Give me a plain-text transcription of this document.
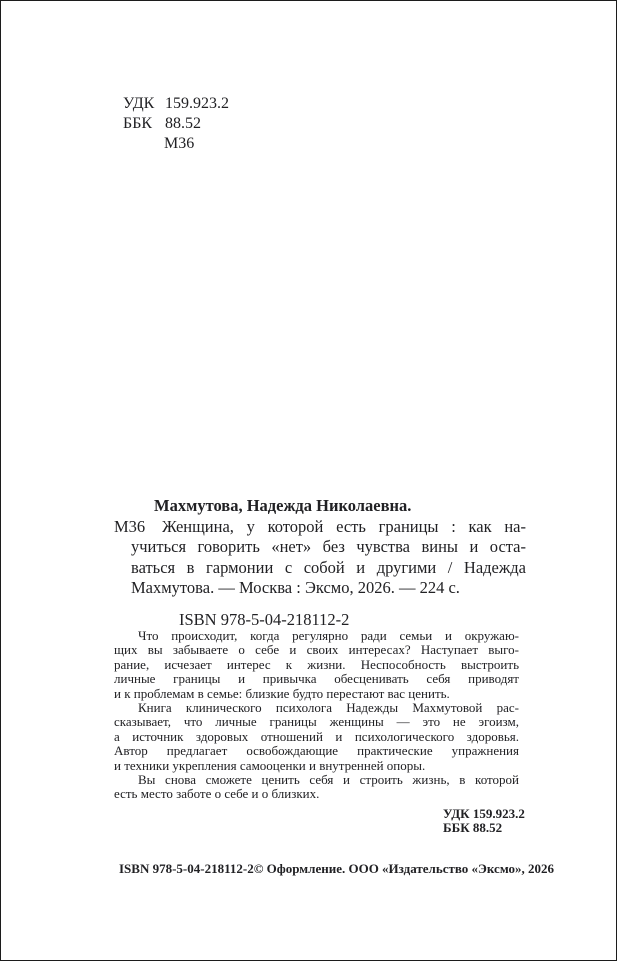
УДК 159.923.2
ББК 88.52
М36
Махмутова, Надежда Николаевна.
М36	Женщина, у которой есть границы : как на-
учиться говорить «нет» без чувства вины и оста-
ваться в гармонии с собой и другими / Надежда
Махмутова. — Москва : Эксмо, 2026. — 224 с.
ISBN 978-5-04-218112-2
Что происходит, когда регулярно ради семьи и окружаю-
щих вы забываете о себе и своих интересах? Наступает выго-
рание, исчезает интерес к жизни. Неспособность выстроить
личные границы и привычка обесценивать себя приводят
и к проблемам в семье: близкие будто перестают вас ценить.
Книга клинического психолога Надежды Махмутовой рас-
сказывает, что личные границы женщины — это не эгоизм,
а источник здоровых отношений и психологического здоровья.
Автор предлагает освобождающие практические упражнения
и техники укрепления самооценки и внутренней опоры.
Вы снова сможете ценить себя и строить жизнь, в которой
есть место заботе о себе и о близких.
УДК 159.923.2
ББК 88.52
ISBN 978-5-04-218112-2 © Оформление. ООО «Издательство «Эксмо», 2026
